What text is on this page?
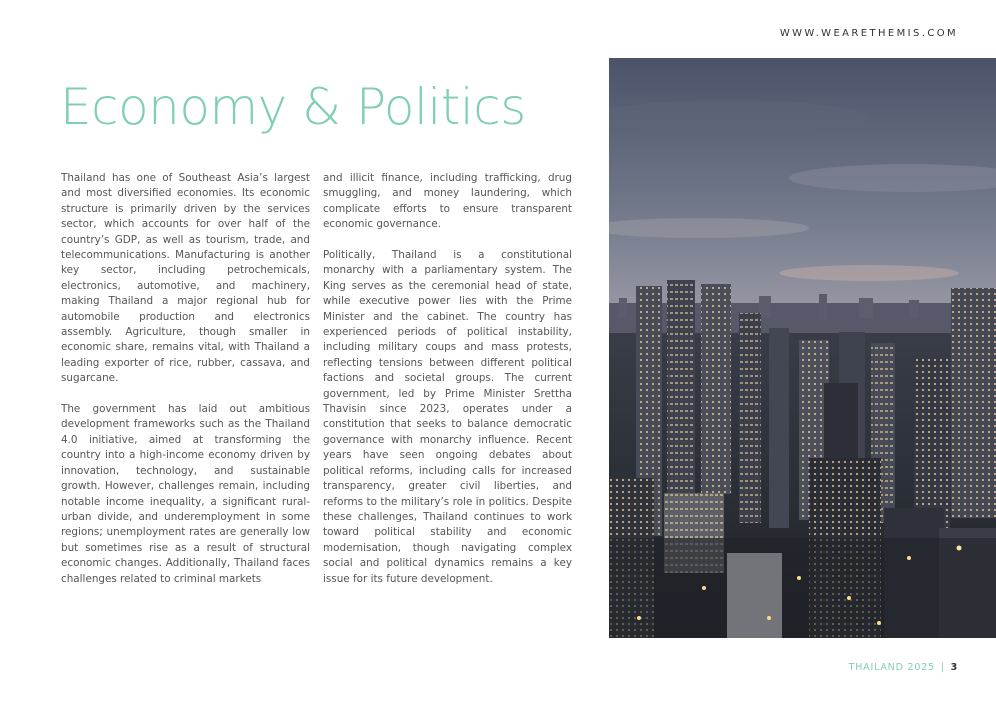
WWW.WEARETHEMIS.COM
Economy & Politics

Thailand has one of Southeast Asia’s largest and most diversified economies. Its economic structure is primarily driven by the services sector, which accounts for over half of the country’s GDP, as well as tourism, trade, and telecommunications. Manufacturing is another key sector, including petrochemicals, electronics, automotive, and machinery, making Thailand a major regional hub for automobile production and electronics assembly. Agriculture, though smaller in economic share, remains vital, with Thailand a leading exporter of rice, rubber, cassava, and sugarcane.

The government has laid out ambitious development frameworks such as the Thailand 4.0 initiative, aimed at transforming the country into a high-income economy driven by innovation, technology, and sustainable growth. However, challenges remain, including notable income inequality, a significant rural-urban divide, and underemployment in some regions; unemployment rates are generally low but sometimes rise as a result of structural economic changes. Additionally, Thailand faces challenges related to criminal markets

and illicit finance, including trafficking, drug smuggling, and money laundering, which complicate efforts to ensure transparent economic governance.

Politically, Thailand is a constitutional monarchy with a parliamentary system. The King serves as the ceremonial head of state, while executive power lies with the Prime Minister and the cabinet. The country has experienced periods of political instability, including military coups and mass protests, reflecting tensions between different political factions and societal groups. The current government, led by Prime Minister Srettha Thavisin since 2023, operates under a constitution that seeks to balance democratic governance with monarchy influence. Recent years have seen ongoing debates about political reforms, including calls for increased transparency, greater civil liberties, and reforms to the military’s role in politics. Despite these challenges, Thailand continues to work toward political stability and economic modernisation, though navigating complex social and political dynamics remains a key issue for its future development.

THAILAND 2025 | 3
